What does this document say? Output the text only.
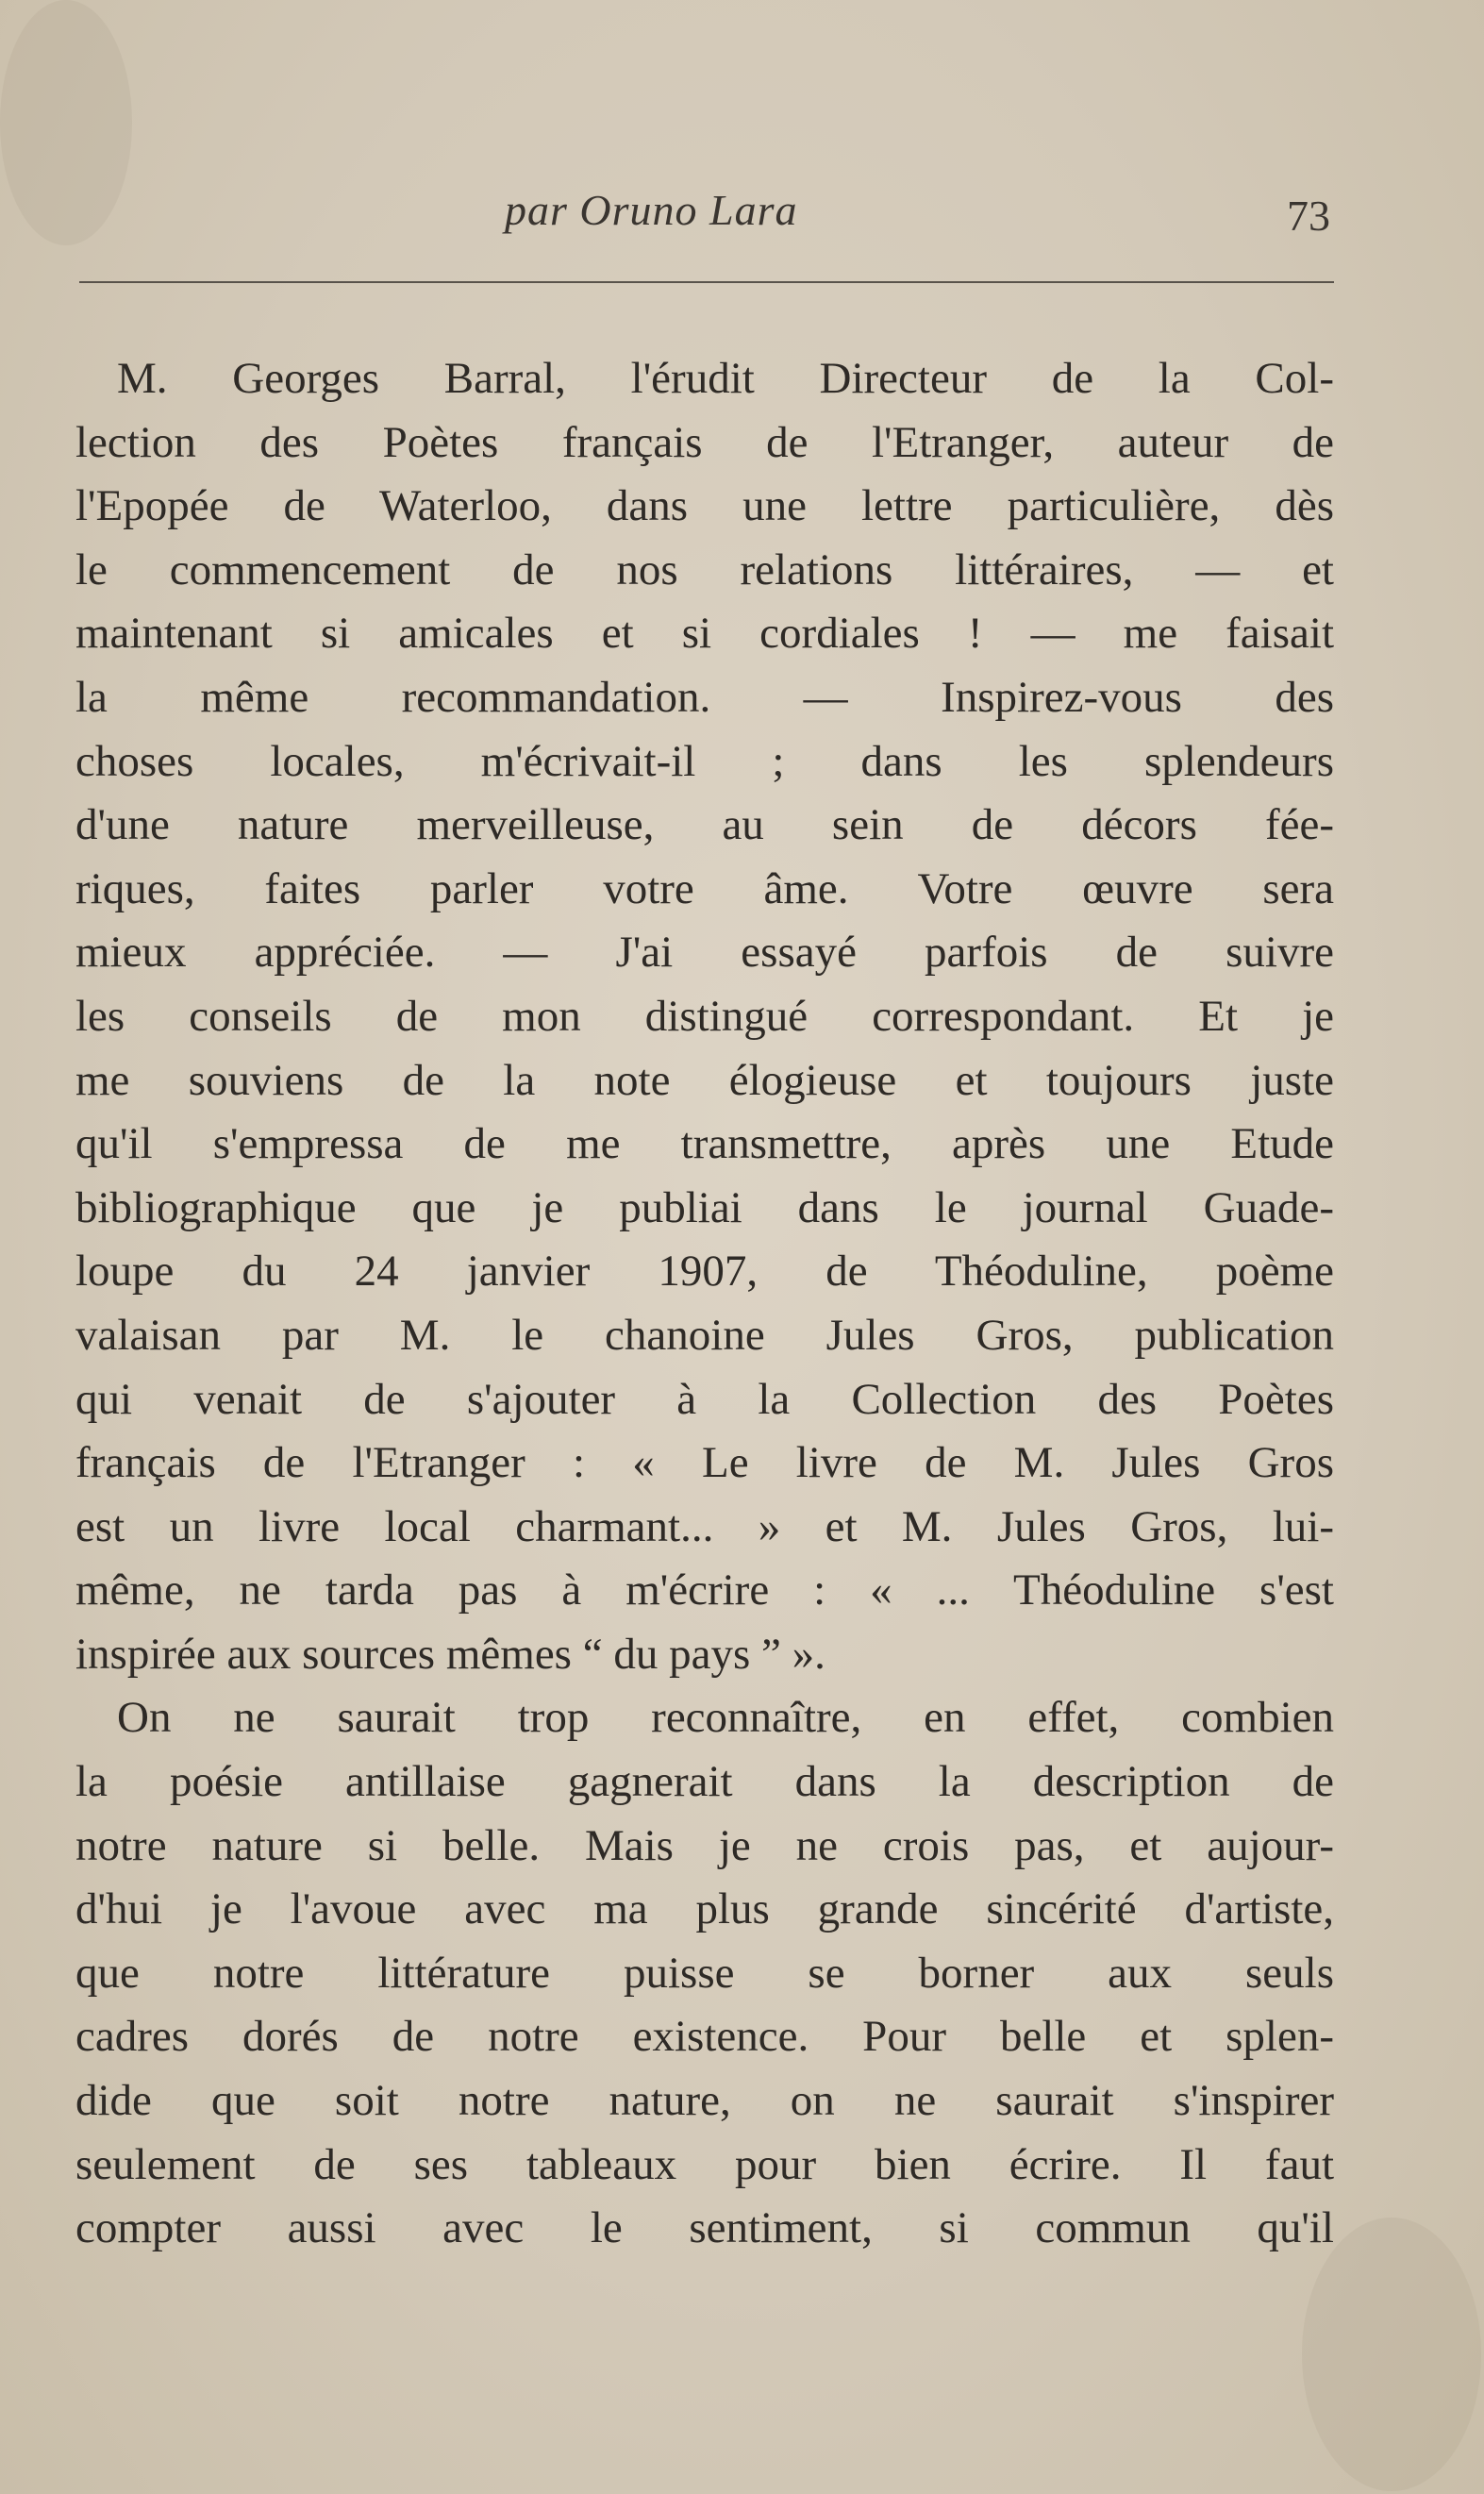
par Oruno Lara	73
M. Georges Barral, l'érudit Directeur de la Col-
lection des Poètes français de l'Etranger, auteur de
l'Epopée de Waterloo, dans une lettre particulière, dès
le commencement de nos relations littéraires, — et
maintenant si amicales et si cordiales ! — me faisait
la même recommandation. — Inspirez-vous des
choses locales, m'écrivait-il ; dans les splendeurs
d'une nature merveilleuse, au sein de décors fée-
riques, faites parler votre âme. Votre œuvre sera
mieux appréciée. — J'ai essayé parfois de suivre
les conseils de mon distingué correspondant. Et je
me souviens de la note élogieuse et toujours juste
qu'il s'empressa de me transmettre, après une Etude
bibliographique que je publiai dans le journal Guade-
loupe du 24 janvier 1907, de Théoduline, poème
valaisan par M. le chanoine Jules Gros, publication
qui venait de s'ajouter à la Collection des Poètes
français de l'Etranger : « Le livre de M. Jules Gros
est un livre local charmant... » et M. Jules Gros, lui-
même, ne tarda pas à m'écrire : « ... Théoduline s'est
inspirée aux sources mêmes “ du pays ” ».
On ne saurait trop reconnaître, en effet, combien
la poésie antillaise gagnerait dans la description de
notre nature si belle. Mais je ne crois pas, et aujour-
d'hui je l'avoue avec ma plus grande sincérité d'artiste,
que notre littérature puisse se borner aux seuls
cadres dorés de notre existence. Pour belle et splen-
dide que soit notre nature, on ne saurait s'inspirer
seulement de ses tableaux pour bien écrire. Il faut
compter aussi avec le sentiment, si commun qu'il
